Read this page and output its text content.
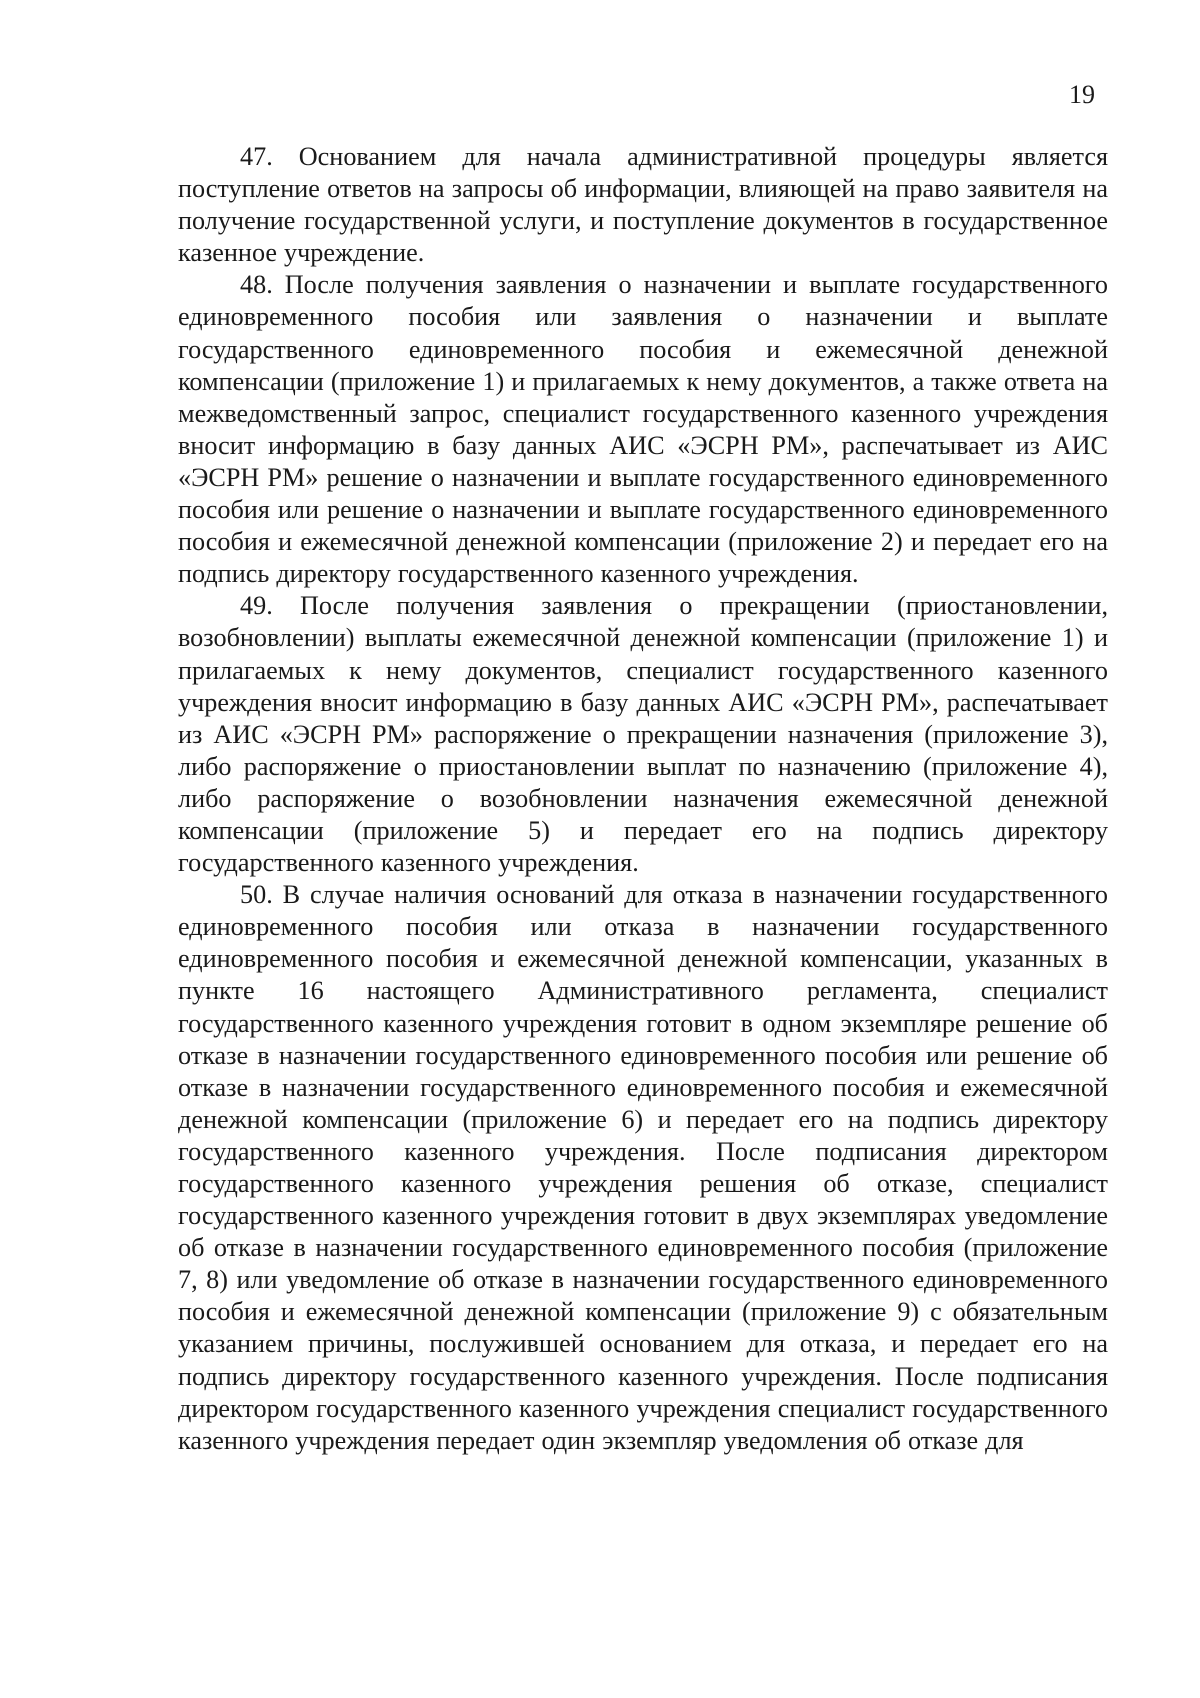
19

47. Основанием для начала административной процедуры является поступление ответов на запросы об информации, влияющей на право заявителя на получение государственной услуги, и поступление документов в государственное казенное учреждение.

48. После получения заявления о назначении и выплате государственного единовременного пособия или заявления о назначении и выплате государственного единовременного пособия и ежемесячной денежной компенсации (приложение 1) и прилагаемых к нему документов, а также ответа на межведомственный запрос, специалист государственного казенного учреждения вносит информацию в базу данных АИС «ЭСРН РМ», распечатывает из АИС «ЭСРН РМ» решение о назначении и выплате государственного единовременного пособия или решение о назначении и выплате государственного единовременного пособия и ежемесячной денежной компенсации (приложение 2) и передает его на подпись директору государственного казенного учреждения.

49. После получения заявления о прекращении (приостановлении, возобновлении) выплаты ежемесячной денежной компенсации (приложение 1) и прилагаемых к нему документов, специалист государственного казенного учреждения вносит информацию в базу данных АИС «ЭСРН РМ», распечатывает из АИС «ЭСРН РМ» распоряжение о прекращении назначения (приложение 3), либо распоряжение о приостановлении выплат по назначению (приложение 4), либо распоряжение о возобновлении назначения ежемесячной денежной компенсации (приложение 5) и передает его на подпись директору государственного казенного учреждения.

50. В случае наличия оснований для отказа в назначении государственного единовременного пособия или отказа в назначении государственного единовременного пособия и ежемесячной денежной компенсации, указанных в пункте 16 настоящего Административного регламента, специалист государственного казенного учреждения готовит в одном экземпляре решение об отказе в назначении государственного единовременного пособия или решение об отказе в назначении государственного единовременного пособия и ежемесячной денежной компенсации (приложение 6) и передает его на подпись директору государственного казенного учреждения. После подписания директором государственного казенного учреждения решения об отказе, специалист государственного казенного учреждения готовит в двух экземплярах уведомление об отказе в назначении государственного единовременного пособия (приложение 7, 8) или уведомление об отказе в назначении государственного единовременного пособия и ежемесячной денежной компенсации (приложение 9) с обязательным указанием причины, послужившей основанием для отказа, и передает его на подпись директору государственного казенного учреждения. После подписания директором государственного казенного учреждения специалист государственного казенного учреждения передает один экземпляр уведомления об отказе для
